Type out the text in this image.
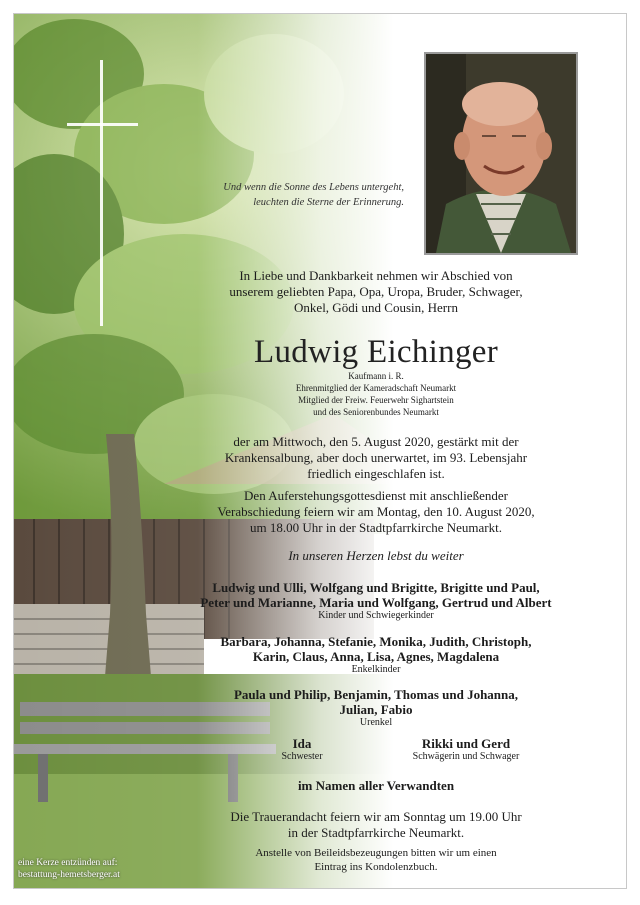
Und wenn die Sonne des Lebens untergeht,
leuchten die Sterne der Erinnerung.
In Liebe und Dankbarkeit nehmen wir Abschied von
unserem geliebten Papa, Opa, Uropa, Bruder, Schwager,
Onkel, Gödi und Cousin, Herrn
Ludwig Eichinger
Kaufmann i. R.
Ehrenmitglied der Kameradschaft Neumarkt
Mitglied der Freiw. Feuerwehr Sighartstein
und des Seniorenbundes Neumarkt
der am Mittwoch, den 5. August 2020, gestärkt mit der
Krankensalbung, aber doch unerwartet, im 93. Lebensjahr
friedlich eingeschlafen ist.
Den Auferstehungsgottesdienst mit anschließender
Verabschiedung feiern wir am Montag, den 10. August 2020,
um 18.00 Uhr in der Stadtpfarrkirche Neumarkt.
In unseren Herzen lebst du weiter
Ludwig und Ulli, Wolfgang und Brigitte, Brigitte und Paul,
Peter und Marianne, Maria und Wolfgang, Gertrud und Albert
Kinder und Schwiegerkinder
Barbara, Johanna, Stefanie, Monika, Judith, Christoph,
Karin, Claus, Anna, Lisa, Agnes, Magdalena
Enkelkinder
Paula und Philip, Benjamin, Thomas und Johanna,
Julian, Fabio
Urenkel
Ida
Schwester
Rikki und Gerd
Schwägerin und Schwager
im Namen aller Verwandten
Die Trauerandacht feiern wir am Sonntag um 19.00 Uhr
in der Stadtpfarrkirche Neumarkt.
Anstelle von Beileidsbezeugungen bitten wir um einen
Eintrag ins Kondolenzbuch.
eine Kerze entzünden auf:
bestattung-hemetsberger.at
